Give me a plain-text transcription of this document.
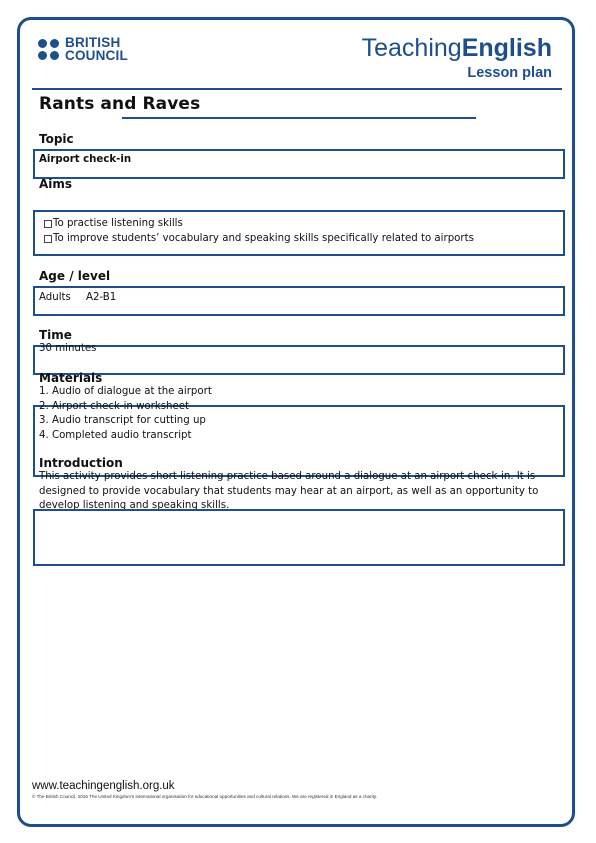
BRITISH
COUNCIL	TeachingEnglish
Lesson plan
Rants and Raves
Topic
Airport check-in
Aims
To practise listening skills
To improve students’ vocabulary and speaking skills specifically related to airports
Age / level
Adults A2-B1
Time
30 minutes
Materials
1. Audio of dialogue at the airport
2. Airport check-in worksheet
3. Audio transcript for cutting up
4. Completed audio transcript
Introduction
This activity provides short listening practice based around a dialogue at an airport check-in. It is designed to provide vocabulary that students may hear at an airport, as well as an opportunity to develop listening and speaking skills.
www.teachingenglish.org.uk
© The British Council, 2016 The United Kingdom’s international organisation for educational opportunities and cultural relations. We are registered in England as a charity.
